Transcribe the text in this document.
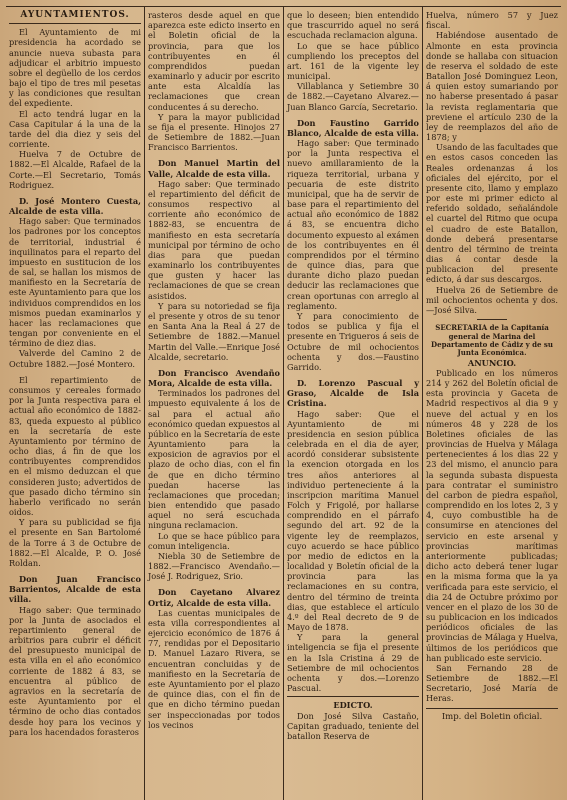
AYUNTAMIENTOS.

El Ayuntamiento de mi presidencia ha acordado se anuncie nueva subasta para adjudicar el arbitrio impuesto sobre el degüello de los cerdos bajo el tipo de tres mil pesetas y las condiciones que resultan del expediente.

El acto tendrá lugar en la Casa Capitular á la una de la tarde del dia diez y seis del corriente.

Huelva 7 de Octubre de 1882.—El Alcalde, Rafael de la Corte.—El Secretario, Tomás Rodriguez.

D. José Montero Cuesta, Alcalde de esta villa.

Hago saber: Que terminados los padrones por los conceptos de territorial, industrial é inquilinatos para el reparto del impuesto en sustitucion de los de sal, se hallan los mismos de manifiesto en la Secretaría de este Ayuntamiento para que los individuos comprendidos en los mismos puedan examinarlos y hacer las reclamaciones que tengan por conveniente en el término de diez dias.

Valverde del Camino 2 de Octubre 1882.—José Montero.

El repartimiento de consumos y cereales formado por la Junta respectiva para el actual año económico de 1882-83, queda expuesto al público en la secretaría de este Ayuntamiento por término de ocho dias, á fin de que los contribuyentes comprendidos en el mismo deduzcan el que consideren justo; advertidos de que pasado dicho término sin haberlo verificado no serán oidos.

Y para su publicidad se fija el presente en San Bartolomé de la Torre á 3 de Octubre de 1882.—El Alcalde, P. O. José Roldan.

Don Juan Francisco Barrientos, Alcalde de esta villa.

Hago saber: Que terminado por la Junta de asociados el repartimiento general de arbitrios para cubrir el déficit del presupuesto municipal de esta villa en el año económico corriente de 1882 á 83, se encuentra al público de agravios en la secretaría de este Ayuntamiento por el término de ocho dias contados desde hoy para los vecinos y para los hacendados forasteros

rasteros desde aquel en que aparezca este edicto inserto en el Boletin oficial de la provincia, para que los contribuyentes en él comprendidos puedan examinarlo y aducir por escrito ante esta Alcaldía las reclamaciones que crean conducentes á su derecho.

Y para la mayor publicidad se fija el presente. Hinojos 27 de Setiembre de 1882.—Juan Francisco Barrientos.

Don Manuel Martin del Valle, Alcalde de esta villa.

Hago saber: Que terminado el repartimiento del déficit de consumos respectivo al corriente año económico de 1882-83, se encuentra de manifiesto en esta secretaría municipal por término de ocho dias para que puedan examinarlo los contribuyentes que gusten y hacer las reclamaciones de que se crean asistidos.

Y para su notoriedad se fija el presente y otros de su tenor en Santa Ana la Real á 27 de Setiembre de 1882.—Manuel Martin del Valle.—Enrique José Alcalde, secretario.

Don Francisco Avendaño Mora, Alcalde de esta villa.

Terminados los padrones del impuesto equivalente á los de sal para el actual año económico quedan expuestos al público en la Secretaría de este Ayuntamiento para la exposicion de agravios por el plazo de ocho dias, con el fin de que en dicho término puedan hacerse las reclamaciones que procedan; bien entendido que pasado aquel no será escuchada ninguna reclamacion.

Lo que se hace público para comun inteligencia.

Niebla 30 de Setiembre de 1882.—Francisco Avendaño.—José J. Rodriguez, Srio.

Don Cayetano Alvarez Ortiz, Alcalde de esta villa.

Las cuentas municipales de esta villa correspondientes al ejercicio económico de 1876 á 77, rendidas por el Depositario D. Manuel Lazaro Rivera, se encuentran concluidas y de manifiesto en la Secretaría de este Ayuntamiento por el plazo de quince dias, con el fin de que en dicho término puedan ser inspeccionadas por todos los vecinos

que lo deseen; bien entendido que trascurrido aquel no será escuchada reclamacion alguna.

Lo que se hace público cumpliendo los preceptos del art. 161 de la vigente ley municipal.

Villablanca y Setiembre 30 de 1882.—Cayetano Alvarez.—Juan Blanco García, Secretario.

Don Faustino Garrido Blanco, Alcalde de esta villa.

Hago saber: Que terminado por la Junta respectiva el nuevo amillaramiento de la riqueza territorial, urbana y pecuaria de este distrito municipal, que ha de servir de base para el repartimiento del actual año económico de 1882 á 83, se encuentra dicho documento expuesto al exámen de los contribuyentes en él comprendidos por el término de quince dias, para que durante dicho plazo puedan deducir las reclamaciones que crean oportunas con arreglo al reglamento.

Y para conocimiento de todos se publica y fija el presente en Trigueros á seis de Octubre de mil ochocientos ochenta y dos.—Faustino Garrido.

D. Lorenzo Pascual y Graso, Alcalde de Isla Cristina.

Hago saber: Que el Ayuntamiento de mi presidencia en sesion pública celebrada en el dia de ayer, acordó considerar subsistente la exencion otorgada en los tres años anteriores al individuo perteneciente á la inscripcion marítima Manuel Folch y Frigolé, por hallarse comprendido en el párrafo segundo del art. 92 de la vigente ley de reemplazos, cuyo acuerdo se hace público por medio de edictos en la localidad y Boletín oficial de la provincia para las reclamaciones en su contra, dentro del término de treinta dias, que establece el artículo 4.º del Real decreto de 9 de Mayo de 1878.

Y para la general inteligencia se fija el presente en la Isla Cristina á 29 de Setiembre de mil ochocientos ochenta y dos.—Lorenzo Pascual.

EDICTO.

Don José Silva Castaño, Capitan graduado, teniente del batallon Reserva de

Huelva, número 57 y Juez fiscal.

Habiéndose ausentado de Almonte en esta provincia donde se hallaba con situacion de reserva el soldado de este Batallon José Dominguez Leon, á quien estoy sumariando por no haberse presentado á pasar la revista reglamentaria que previene el artículo 230 de la ley de reemplazos del año de 1878; y

Usando de las facultades que en estos casos conceden las Reales ordenanzas á los oficiales del ejército, por el presente cito, llamo y emplazo por este mi primer edicto al referido soldado, señalándole el cuartel del Ritmo que ocupa el cuadro de este Batallon, donde deberá presentarse dentro del término de treinta dias á contar desde la publicacion del presente edicto, á dar sus descargos.

Huelva 26 de Setiembre de mil ochocientos ochenta y dos.—José Silva.

SECRETARIA de la Capitanía general de Marina del Departamento de Cádiz y de su Junta Económica.

ANUNCIO.

Publicado en los números 214 y 262 del Boletín oficial de esta provincia y Gaceta de Madrid respectivos al dia 9 y nueve del actual y en los números 48 y 228 de los Boletines oficiales de las provincias de Huelva y Málaga pertenecientes á los dias 22 y 23 del mismo, el anuncio para la segunda subasta dispuesta para contratar el suministro del carbon de piedra español, comprendido en los lotes 2, 3 y 4, cuyo combustible ha de consumirse en atenciones del servicio en este arsenal y provincias marítimas anteriormente publicadas; dicho acto deberá tener lugar en la misma forma que la ya verificada para este servicio, el dia 24 de Octubre próximo por vencer en el plazo de los 30 de su publicacion en los indicados periódicos oficiales de las provincias de Málaga y Huelva, últimos de los periódicos que han publicado este servicio.

San Fernando 28 de Setiembre de 1882.—El Secretario, José María de Heras.

Imp. del Boletin oficial.
